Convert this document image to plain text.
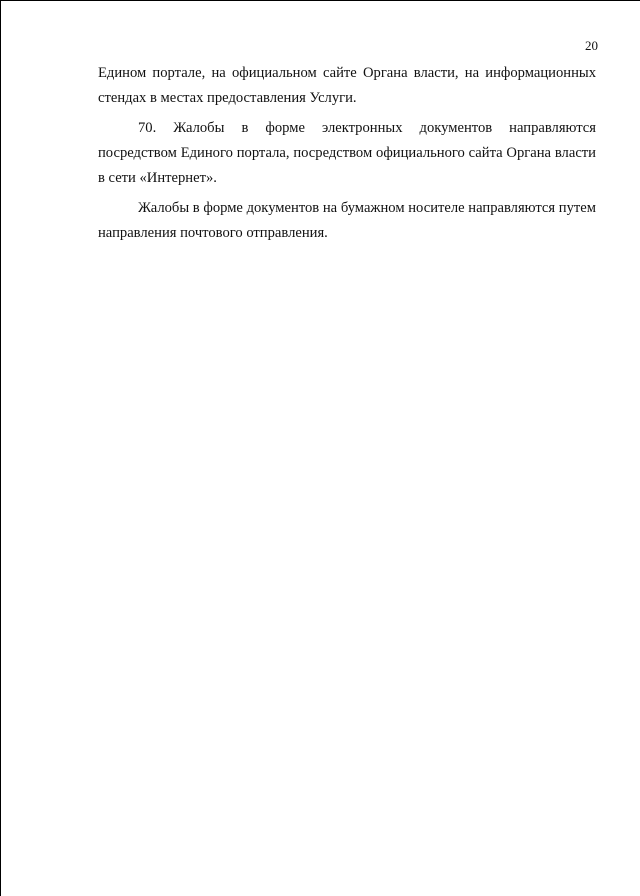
20

Едином портале, на официальном сайте Органа власти, на информационных стендах в местах предоставления Услуги.

70. Жалобы в форме электронных документов направляются посредством Единого портала, посредством официального сайта Органа власти в сети «Интернет».

Жалобы в форме документов на бумажном носителе направляются путем направления почтового отправления.
